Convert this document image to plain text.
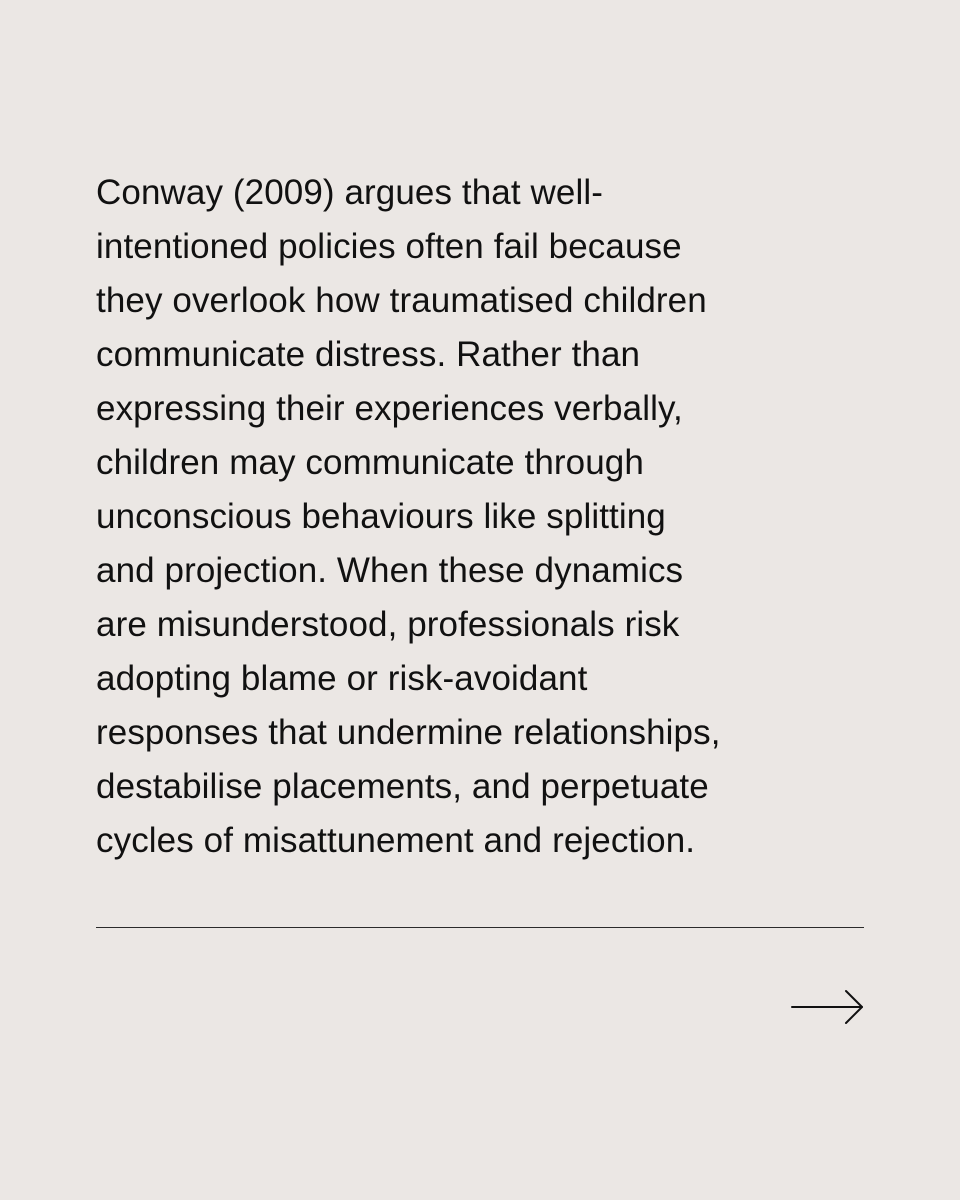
Conway (2009) argues that well-
intentioned policies often fail because
they overlook how traumatised children
communicate distress. Rather than
expressing their experiences verbally,
children may communicate through
unconscious behaviours like splitting
and projection. When these dynamics
are misunderstood, professionals risk
adopting blame or risk-avoidant
responses that undermine relationships,
destabilise placements, and perpetuate
cycles of misattunement and rejection.
